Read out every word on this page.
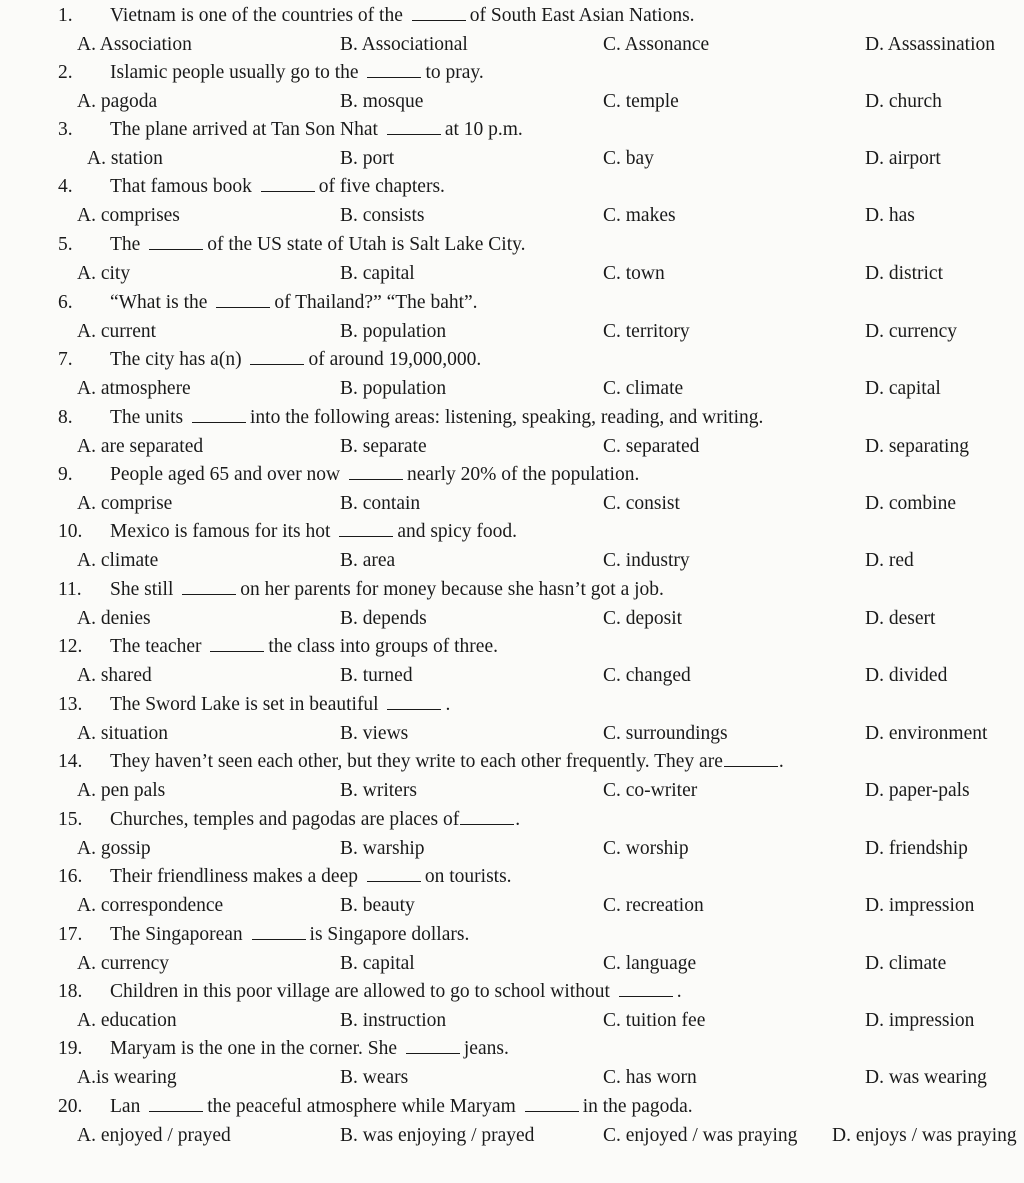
1. Vietnam is one of the countries of the	of South East Asian Nations.
A. Association	B. Associational	C. Assonance	D. Assassination
2. Islamic people usually go to the	to pray.
A. pagoda	B. mosque	C. temple	D. church
3. The plane arrived at Tan Son Nhat	at 10 p.m.
A. station	B. port	C. bay	D. airport
4. That famous book	of five chapters.
A. comprises	B. consists	C. makes	D. has
5. The	of the US state of Utah is Salt Lake City.
A. city	B. capital	C. town	D. district
6. “What is the	of Thailand?” “The baht”.
A. current	B. population	C. territory	D. currency
7. The city has a(n)	of around 19,000,000.
A. atmosphere	B. population	C. climate	D. capital
8. The units	into the following areas: listening, speaking, reading, and writing.
A. are separated	B. separate	C. separated	D. separating
9. People aged 65 and over now	nearly 20% of the population.
A. comprise	B. contain	C. consist	D. combine
10. Mexico is famous for its hot	and spicy food.
A. climate	B. area	C. industry	D. red
11. She still	on her parents for money because she hasn’t got a job.
A. denies	B. depends	C. deposit	D. desert
12. The teacher	the class into groups of three.
A. shared	B. turned	C. changed	D. divided
13. The Sword Lake is set in beautiful	.
A. situation	B. views	C. surroundings	D. environment
14. They haven’t seen each other, but they write to each other frequently. They are	.
A. pen pals	B. writers	C. co-writer	D. paper-pals
15. Churches, temples and pagodas are places of	.
A. gossip	B. warship	C. worship	D. friendship
16. Their friendliness makes a deep	on tourists.
A. correspondence	B. beauty	C. recreation	D. impression
17. The Singaporean	is Singapore dollars.
A. currency	B. capital	C. language	D. climate
18. Children in this poor village are allowed to go to school without	.
A. education	B. instruction	C. tuition fee	D. impression
19. Maryam is the one in the corner. She	jeans.
A.is wearing	B. wears	C. has worn	D. was wearing
20. Lan	the peaceful atmosphere while Maryam	in the pagoda.
A. enjoyed / prayed	B. was enjoying / prayed	C. enjoyed / was praying D. enjoys / was praying
